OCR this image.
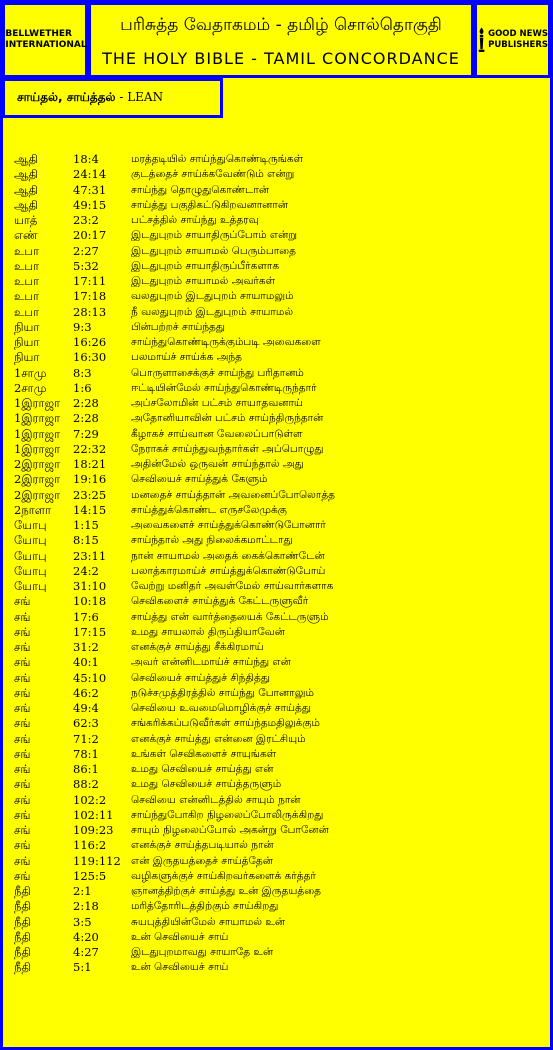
BELLWETHER
INTERNATIONAL
பரிசுத்த வேதாகமம் - தமிழ் சொல்தொகுதி
THE HOLY BIBLE - TAMIL CONCORDANCE
GOOD NEWS
PUBLISHERS
சாய்தல், சாய்த்தல் - LEAN
ஆதி	18:4	மரத்தடியில் சாய்ந்துகொண்டிருங்கள்
ஆதி	24:14 குடத்தைச் சாய்க்கவேண்டும் என்று
ஆதி	47:31 சாய்ந்து தொழுதுகொண்டான்
ஆதி	49:15 சாய்த்து பகுதிகட்டுகிறவனானான்
யாத்	23:2	பட்சத்தில் சாய்ந்து உத்தரவு
எண்	20:17 இடதுபுறம் சாயாதிருப்போம் என்று
உபா	2:27	இடதுபுறம் சாயாமல் பெரும்பாதை
உபா	5:32	இடதுபுறம் சாயாதிருப்பீர்களாக
உபா	17:11 இடதுபுறம் சாயாமல் அவர்கள்
உபா	17:18 வலதுபுறம் இடதுபுறம் சாயாமலும்
உபா	28:13 நீ வலதுபுறம் இடதுபுறம் சாயாமல்
நியா	9:3	பின்பற்றச் சாய்ந்தது
நியா	16:26 சாய்ந்துகொண்டிருக்கும்படி அவைகளை
நியா	16:30 பலமாய்ச் சாய்க்க அந்த
1சாமு 8:3	பொருளாசைக்குச் சாய்ந்து பரிதானம்
2சாமு 1:6	ஈட்டியின்மேல் சாய்ந்துகொண்டிருந்தார்
1இராஜா 2:28	அப்சலோமின் பட்சம் சாயாதவனாய்
1இராஜா 2:28	அதோனியாவின் பட்சம் சாய்ந்திருந்தான்
1இராஜா 7:29	கீழாகச் சாய்வான வேலைப்பாடுள்ள
1இராஜா 22:32 நேராகச் சாய்ந்துவந்தார்கள் அப்பொழுது
2இராஜா 18:21 அதின்மேல் ஒருவன் சாய்ந்தால் அது
2இராஜா 19:16 செவியைச் சாய்த்துக் கேளும்
2இராஜா 23:25 மனதைச் சாய்த்தான் அவனைப்போலொத்த
2நாளா 14:15 சாய்த்துக்கொண்ட எருசலேமுக்கு
யோபு 1:15	அவைகளைச் சாய்த்துக்கொண்டுபோனார்
யோபு 8:15	சாய்ந்தால் அது நிலைக்கமாட்டாது
யோபு 23:11 நான் சாயாமல் அதைக் கைக்கொண்டேன்
யோபு 24:2	பலாத்காரமாய்ச் சாய்த்துக்கொண்டுபோய்
யோபு 31:10 வேற்று மனிதர் அவள்மேல் சாய்வார்களாக
சங்	10:18 செவிகளைச் சாய்த்துக் கேட்டருளுவீர்
சங்	17:6	சாய்த்து என் வார்த்தையைக் கேட்டருளும்
சங்	17:15 உமது சாயலால் திருப்தியாவேன்
சங்	31:2	எனக்குச் சாய்த்து சீக்கிரமாய்
சங்	40:1	அவர் என்னிடமாய்ச் சாய்ந்து என்
சங்	45:10 செவியைச் சாய்த்துச் சிந்தித்து
சங்	46:2	நடுச்சமுத்திரத்தில் சாய்ந்து போனாலும்
சங்	49:4	செவியை உவமைமொழிக்குச் சாய்த்து
சங்	62:3	சங்கரிக்கப்படுவீர்கள் சாய்ந்தமதிலுக்கும்
சங்	71:2	எனக்குச் சாய்த்து என்னை இரட்சியும்
சங்	78:1	உங்கள் செவிகளைச் சாயுங்கள்
சங்	86:1	உமது செவியைச் சாய்த்து என்
சங்	88:2	உமது செவியைச் சாய்த்தருளும்
சங்	102:2 செவியை என்னிடத்தில் சாயும் நான்
சங்	102:11 சாய்ந்துபோகிற நிழலைப்போலிருக்கிறது
சங்	109:23 சாயும் நிழலைப்போல் அகன்று போனேன்
சங்	116:2 எனக்குச் சாய்த்தபடியால் நான்
சங்	119:112 என் இருதயத்தைச் சாய்த்தேன்
சங்	125:5 வழிகளுக்குச் சாய்கிறவர்களைக் கர்த்தர்
நீதி	2:1	ஞானத்திற்குச் சாய்த்து உன் இருதயத்தை
நீதி	2:18	மரித்தோரிடத்திற்கும் சாய்கிறது
நீதி	3:5	சுயபுத்தியின்மேல் சாயாமல் உன்
நீதி	4:20	உன் செவியைச் சாய்
நீதி	4:27	இடதுபுறமாவது சாயாதே உன்
நீதி	5:1	உன் செவியைச் சாய்
